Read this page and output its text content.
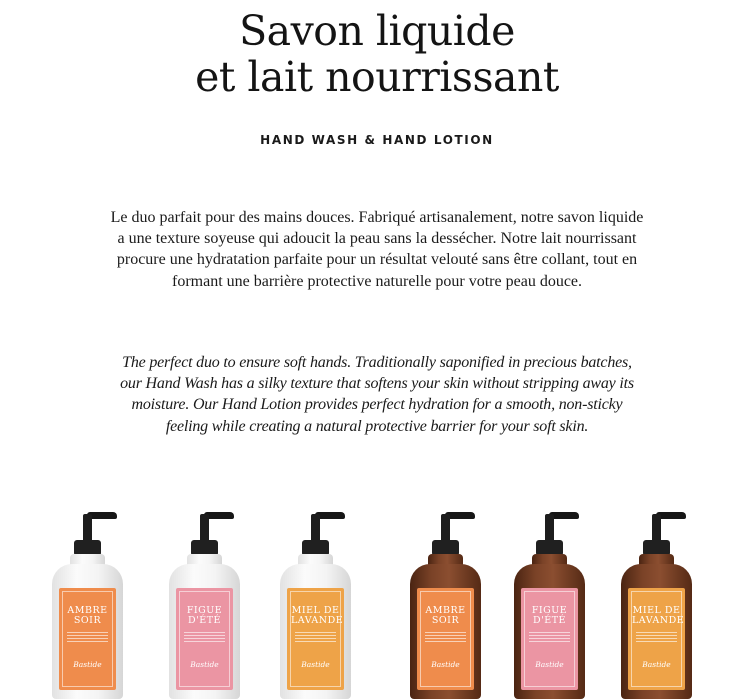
Savon liquide
et lait nourrissant
HAND WASH & HAND LOTION

Le duo parfait pour des mains douces. Fabriqué artisanalement, notre savon liquide a une texture soyeuse qui adoucit la peau sans la dessécher. Notre lait nourrissant procure une hydratation parfaite pour un résultat velouté sans être collant, tout en formant une barrière protective naturelle pour votre peau douce.

The perfect duo to ensure soft hands. Traditionally saponified in precious batches, our Hand Wash has a silky texture that softens your skin without stripping away its moisture. Our Hand Lotion provides perfect hydration for a smooth, non-sticky feeling while creating a natural protective barrier for your soft skin.

AMBRE
SOIR
Bastide
FIGUE
D'ÉTÉ
Bastide
MIEL DE
LAVANDE
Bastide
AMBRE
SOIR
Bastide
FIGUE
D'ÉTÉ
Bastide
MIEL DE
LAVANDE
Bastide
